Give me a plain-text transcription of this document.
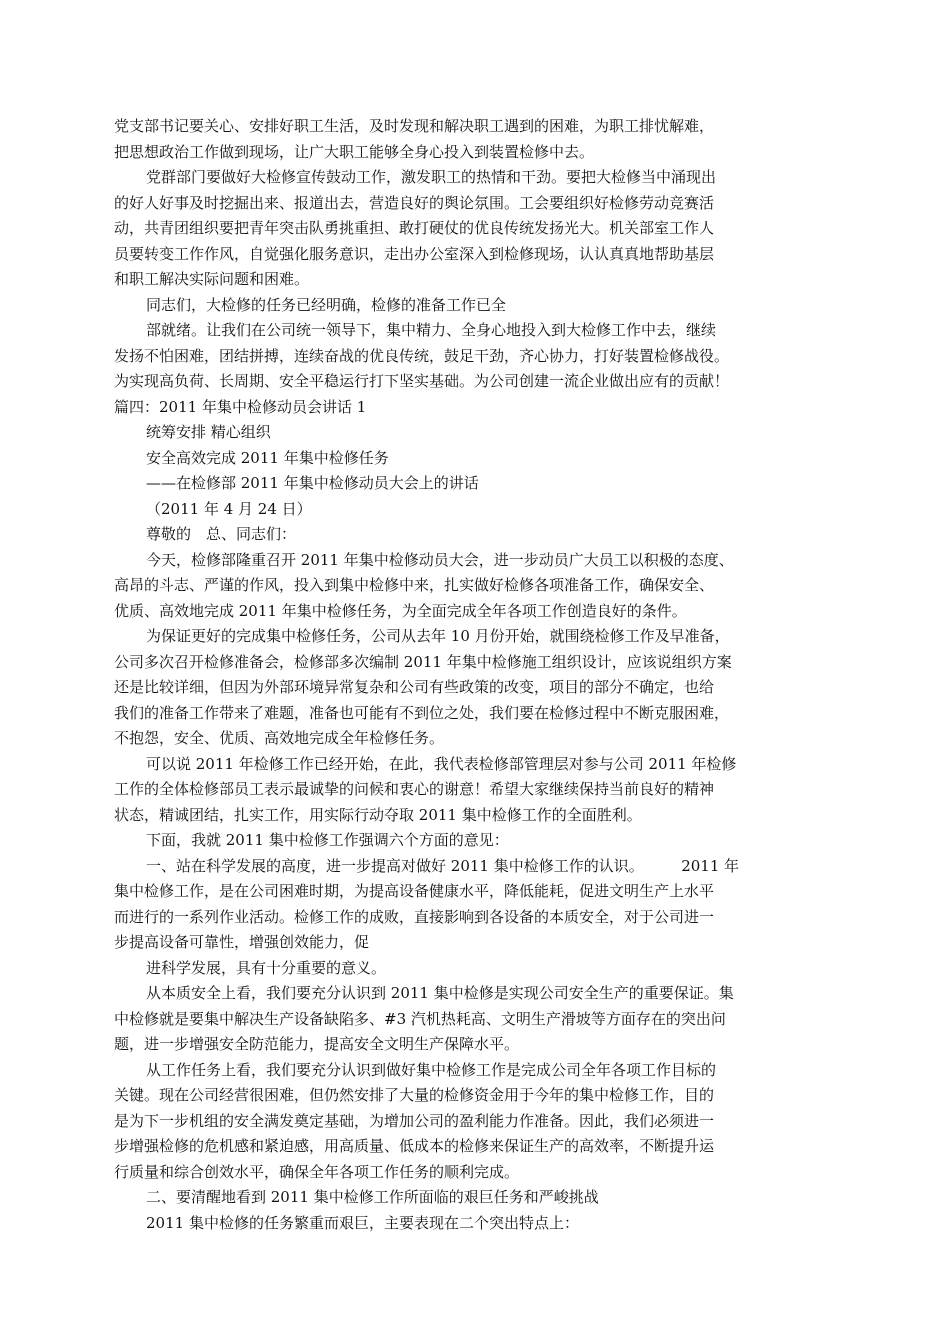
党支部书记要关心、安排好职工生活，及时发现和解决职工遇到的困难，为职工排忧解难，
把思想政治工作做到现场，让广大职工能够全身心投入到装置检修中去。
党群部门要做好大检修宣传鼓动工作，激发职工的热情和干劲。要把大检修当中涌现出
的好人好事及时挖掘出来、报道出去，营造良好的舆论氛围。工会要组织好检修劳动竞赛活
动，共青团组织要把青年突击队勇挑重担、敢打硬仗的优良传统发扬光大。机关部室工作人
员要转变工作作风，自觉强化服务意识，走出办公室深入到检修现场，认认真真地帮助基层
和职工解决实际问题和困难。
同志们，大检修的任务已经明确，检修的准备工作已全
部就绪。让我们在公司统一领导下，集中精力、全身心地投入到大检修工作中去，继续
发扬不怕困难，团结拼搏，连续奋战的优良传统，鼓足干劲，齐心协力，打好装置检修战役。
为实现高负荷、长周期、安全平稳运行打下坚实基础。为公司创建一流企业做出应有的贡献！
篇四：2011 年集中检修动员会讲话 1
统筹安排 精心组织
安全高效完成 2011 年集中检修任务
——在检修部 2011 年集中检修动员大会上的讲话
（2011 年 4 月 24 日）
尊敬的　总、同志们：
今天，检修部隆重召开 2011 年集中检修动员大会，进一步动员广大员工以积极的态度、
高昂的斗志、严谨的作风，投入到集中检修中来，扎实做好检修各项准备工作，确保安全、
优质、高效地完成 2011 年集中检修任务，为全面完成全年各项工作创造良好的条件。
为保证更好的完成集中检修任务，公司从去年 10 月份开始，就围绕检修工作及早准备，
公司多次召开检修准备会，检修部多次编制 2011 年集中检修施工组织设计，应该说组织方案
还是比较详细，但因为外部环境异常复杂和公司有些政策的改变，项目的部分不确定，也给
我们的准备工作带来了难题，准备也可能有不到位之处，我们要在检修过程中不断克服困难，
不抱怨，安全、优质、高效地完成全年检修任务。
可以说 2011 年检修工作已经开始，在此，我代表检修部管理层对参与公司 2011 年检修
工作的全体检修部员工表示最诚挚的问候和衷心的谢意！希望大家继续保持当前良好的精神
状态，精诚团结，扎实工作，用实际行动夺取 2011 集中检修工作的全面胜利。
下面，我就 2011 集中检修工作强调六个方面的意见：
一、站在科学发展的高度，进一步提高对做好 2011 集中检修工作的认识。　　　2011 年
集中检修工作，是在公司困难时期，为提高设备健康水平，降低能耗，促进文明生产上水平
而进行的一系列作业活动。检修工作的成败，直接影响到各设备的本质安全，对于公司进一
步提高设备可靠性，增强创效能力，促
进科学发展，具有十分重要的意义。
从本质安全上看，我们要充分认识到 2011 集中检修是实现公司安全生产的重要保证。集
中检修就是要集中解决生产设备缺陷多、#3 汽机热耗高、文明生产滑坡等方面存在的突出问
题，进一步增强安全防范能力，提高安全文明生产保障水平。
从工作任务上看，我们要充分认识到做好集中检修工作是完成公司全年各项工作目标的
关键。现在公司经营很困难，但仍然安排了大量的检修资金用于今年的集中检修工作，目的
是为下一步机组的安全满发奠定基础，为增加公司的盈利能力作准备。因此，我们必须进一
步增强检修的危机感和紧迫感，用高质量、低成本的检修来保证生产的高效率，不断提升运
行质量和综合创效水平，确保全年各项工作任务的顺利完成。
二、要清醒地看到 2011 集中检修工作所面临的艰巨任务和严峻挑战
2011 集中检修的任务繁重而艰巨，主要表现在二个突出特点上：
